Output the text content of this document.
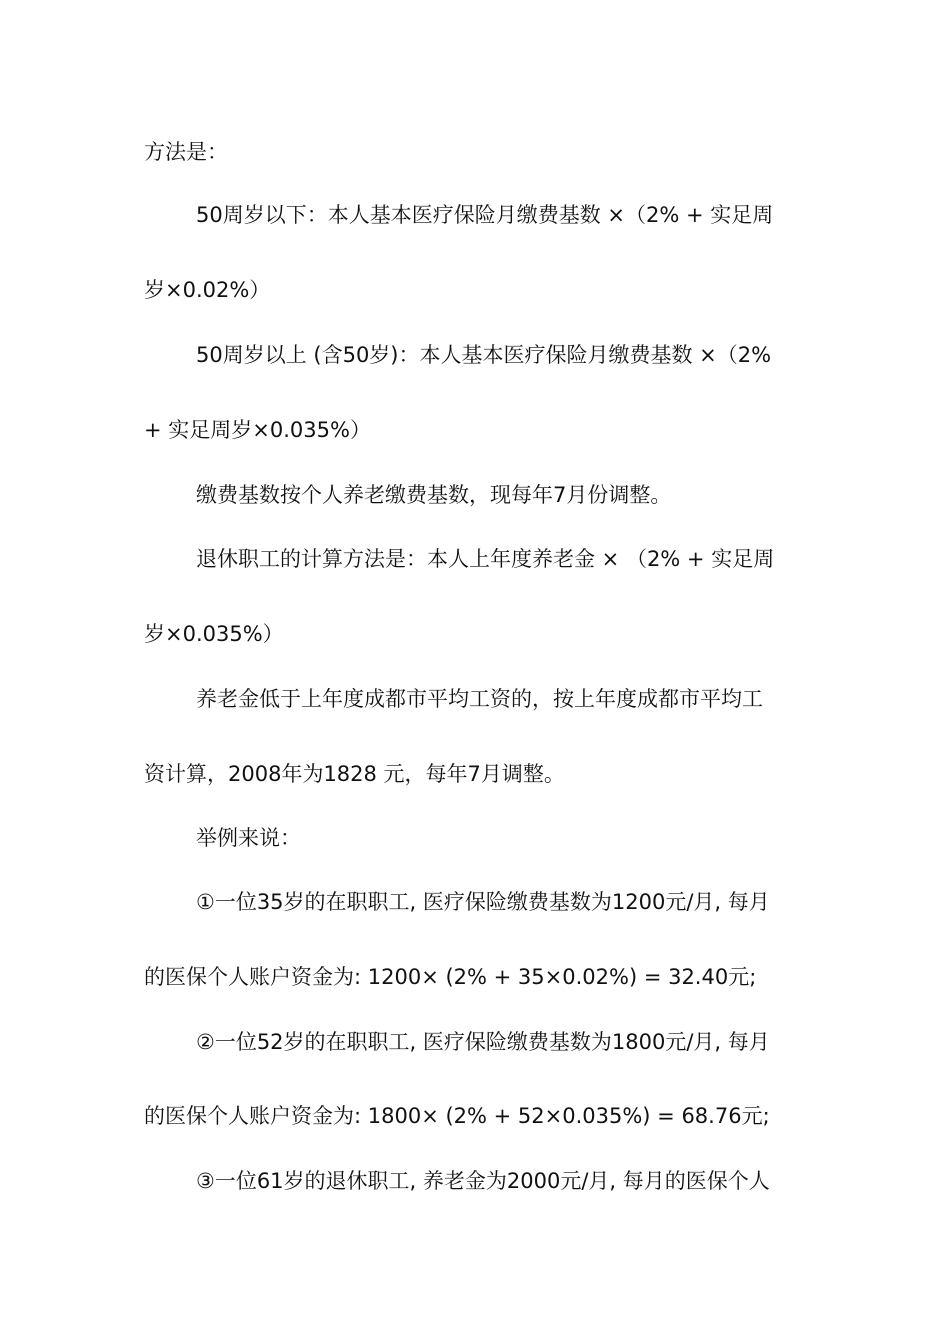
方法是：
50周岁以下：本人基本医疗保险月缴费基数 ×（2% + 实足周
岁×0.02%）
50周岁以上 (含50岁)：本人基本医疗保险月缴费基数 ×（2%
+ 实足周岁×0.035%）
缴费基数按个人养老缴费基数，现每年7月份调整。
退休职工的计算方法是：本人上年度养老金 × （2% + 实足周
岁×0.035%）
养老金低于上年度成都市平均工资的，按上年度成都市平均工
资计算，2008年为1828 元，每年7月调整。
举例来说：
①一位35岁的在职职工, 医疗保险缴费基数为1200元/月, 每月
的医保个人账户资金为: 1200× (2% + 35×0.02%) = 32.40元;
②一位52岁的在职职工, 医疗保险缴费基数为1800元/月, 每月
的医保个人账户资金为: 1800× (2% + 52×0.035%) = 68.76元;
③一位61岁的退休职工, 养老金为2000元/月, 每月的医保个人
